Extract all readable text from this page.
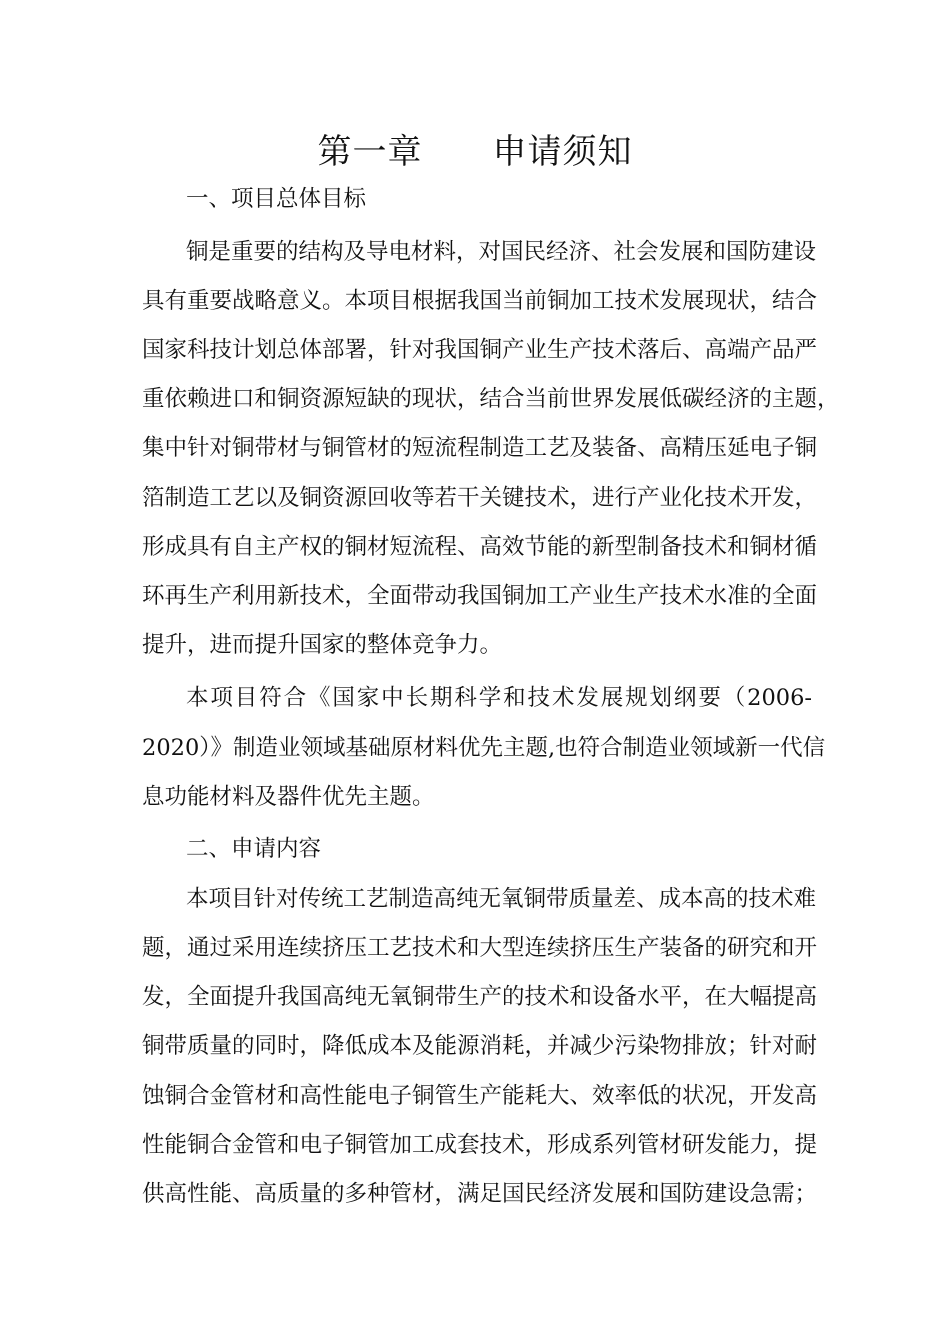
第一章　　申请须知
一、项目总体目标
铜是重要的结构及导电材料，对国民经济、社会发展和国防建设
具有重要战略意义。本项目根据我国当前铜加工技术发展现状，结合
国家科技计划总体部署，针对我国铜产业生产技术落后、高端产品严
重依赖进口和铜资源短缺的现状，结合当前世界发展低碳经济的主题，
集中针对铜带材与铜管材的短流程制造工艺及装备、高精压延电子铜
箔制造工艺以及铜资源回收等若干关键技术，进行产业化技术开发，
形成具有自主产权的铜材短流程、高效节能的新型制备技术和铜材循
环再生产利用新技术，全面带动我国铜加工产业生产技术水准的全面
提升，进而提升国家的整体竞争力。
本项目符合《国家中长期科学和技术发展规划纲要（2006-
2020）》制造业领域基础原材料优先主题,也符合制造业领域新一代信
息功能材料及器件优先主题。
二、申请内容
本项目针对传统工艺制造高纯无氧铜带质量差、成本高的技术难
题，通过采用连续挤压工艺技术和大型连续挤压生产装备的研究和开
发，全面提升我国高纯无氧铜带生产的技术和设备水平，在大幅提高
铜带质量的同时，降低成本及能源消耗，并减少污染物排放；针对耐
蚀铜合金管材和高性能电子铜管生产能耗大、效率低的状况，开发高
性能铜合金管和电子铜管加工成套技术，形成系列管材研发能力，提
供高性能、高质量的多种管材，满足国民经济发展和国防建设急需；
